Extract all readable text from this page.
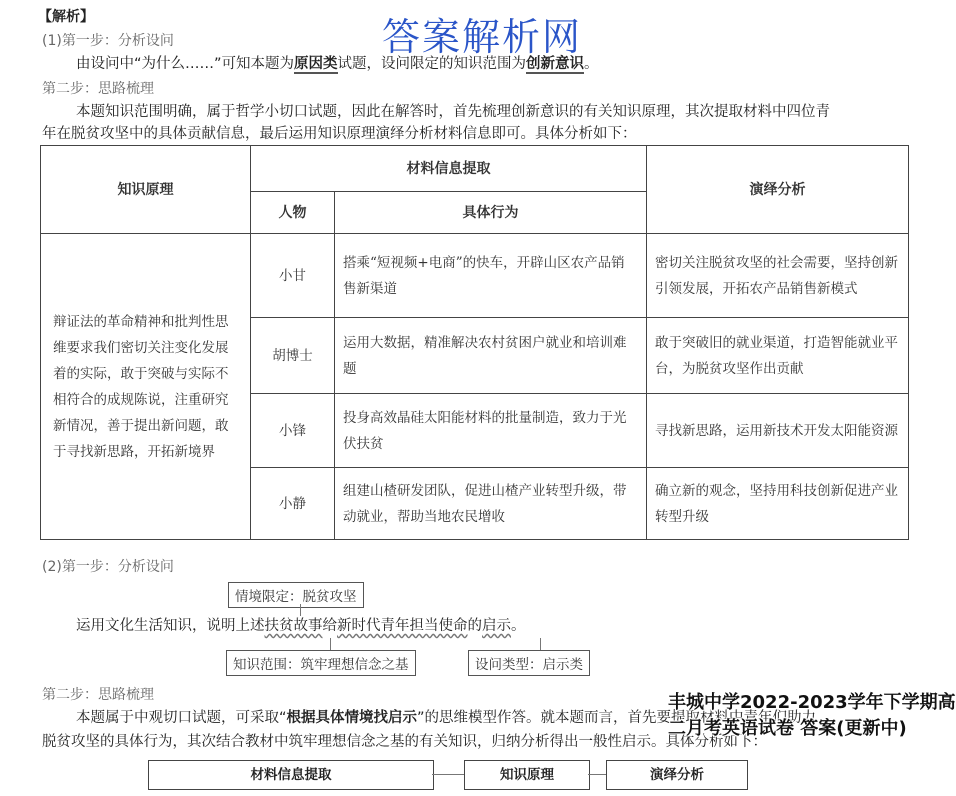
【解析】	答案解析网
(1)第一步：分析设问
由设问中“为什么……”可知本题为原因类试题，设问限定的知识范围为创新意识。
第二步：思路梳理
本题知识范围明确，属于哲学小切口试题，因此在解答时，首先梳理创新意识的有关知识原理，其次提取材料中四位青
年在脱贫攻坚中的具体贡献信息，最后运用知识原理演绎分析材料信息即可。具体分析如下：
知识原理	材料信息提取		演绎分析
	人物	具体行为	
辩证法的革命精神和批判性思维要求我们密切关注变化发展着的实际，敢于突破与实际不相符合的成规陈说，注重研究新情况，善于提出新问题，敢于寻找新思路，开拓新境界	小甘	搭乘“短视频+电商”的快车，开辟山区农产品销售新渠道	密切关注脱贫攻坚的社会需要，坚持创新引领发展，开拓农产品销售新模式
	胡博士	运用大数据，精准解决农村贫困户就业和培训难题	敢于突破旧的就业渠道，打造智能就业平台，为脱贫攻坚作出贡献
	小锋	投身高效晶硅太阳能材料的批量制造，致力于光伏扶贫	寻找新思路，运用新技术开发太阳能资源
	小静	组建山楂研发团队，促进山楂产业转型升级，带动就业，帮助当地农民增收	确立新的观念，坚持用科技创新促进产业转型升级
(2)第一步：分析设问
情境限定：脱贫攻坚
运用文化生活知识，说明上述扶贫故事给新时代青年担当使命的启示。
知识范围：筑牢理想信念之基	设问类型：启示类
第二步：思路梳理
本题属于中观切口试题，可采取“根据具体情境找启示”的思维模型作答。就本题而言，首先要提取材料中青年们助力
脱贫攻坚的具体行为，其次结合教材中筑牢理想信念之基的有关知识，归纳分析得出一般性启示。具体分析如下：
材料信息提取	知识原理	演绎分析
丰城中学2022-2023学年下学期高二月考英语试卷 答案(更新中)
